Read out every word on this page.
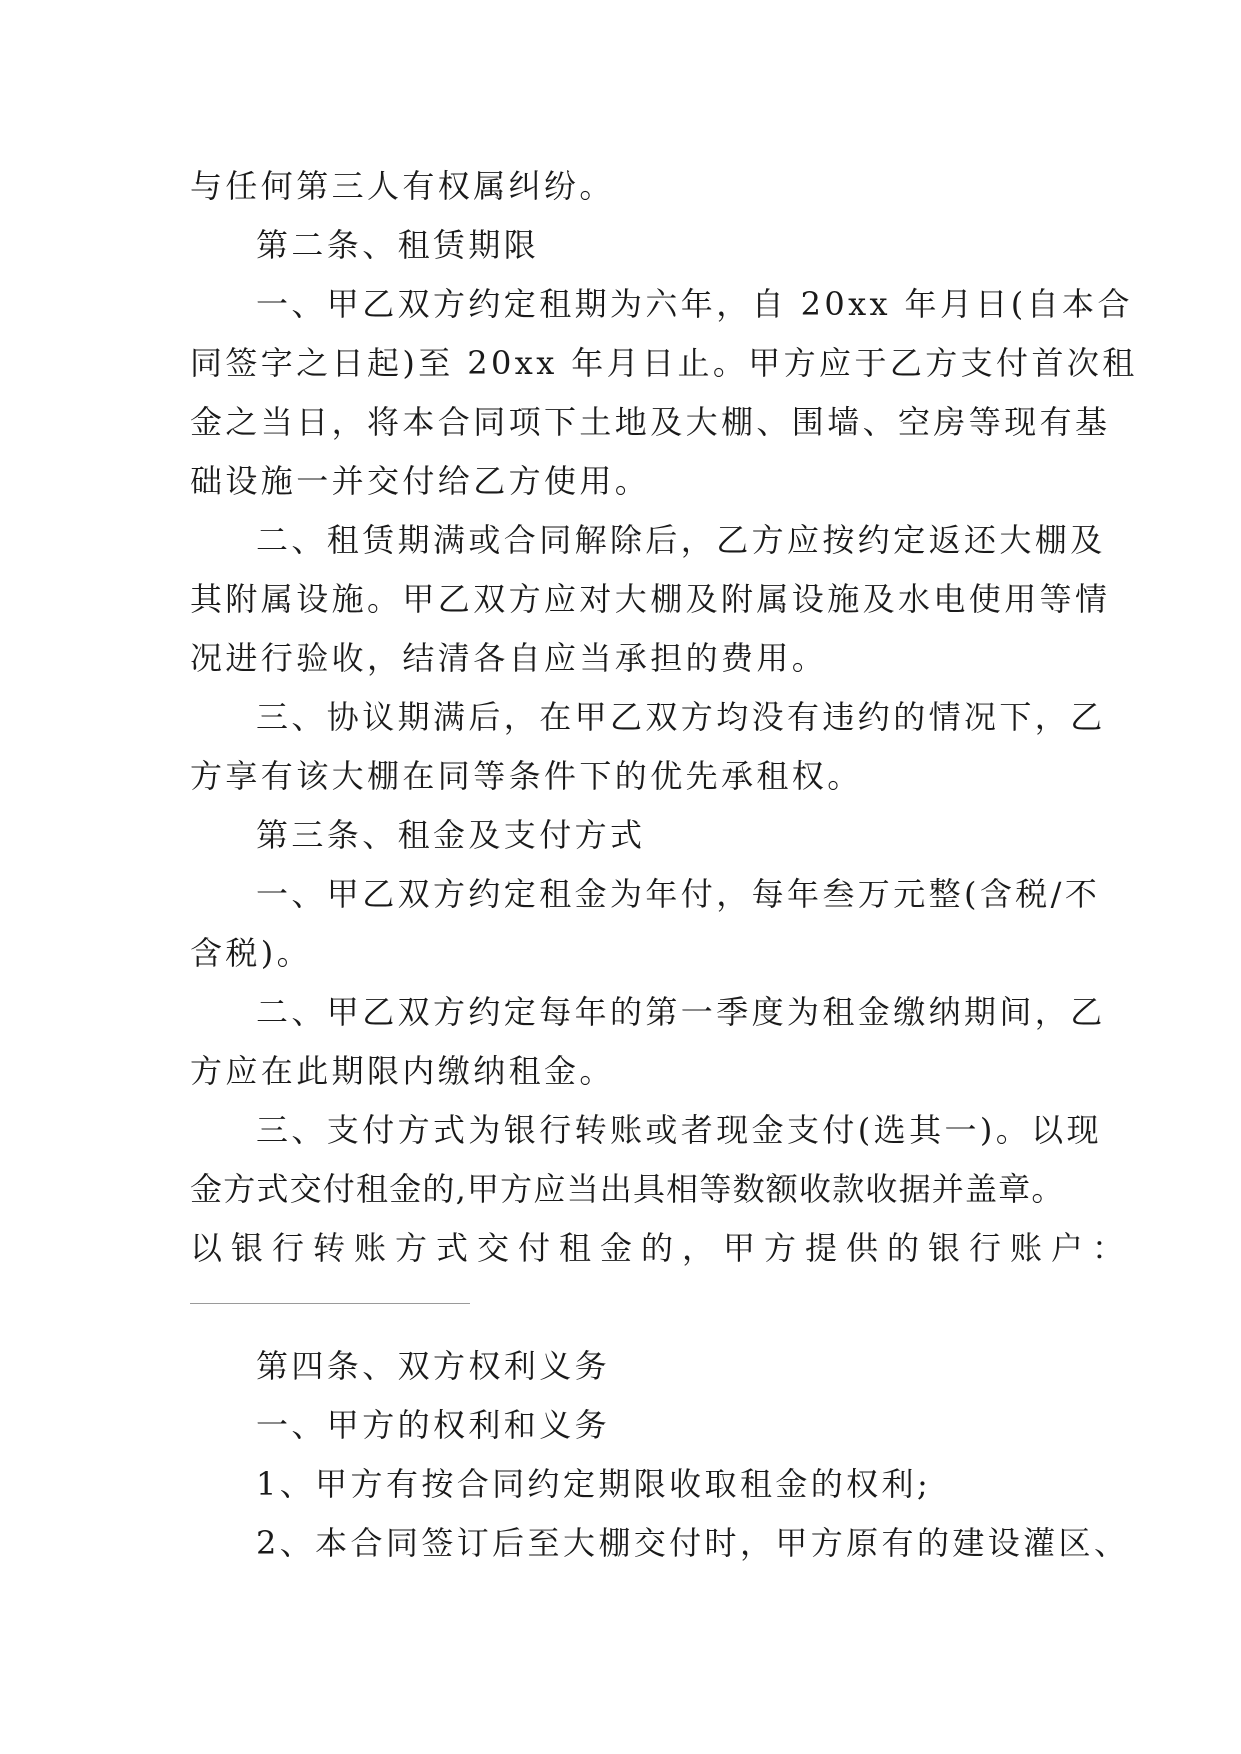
与任何第三人有权属纠纷。
第二条、租赁期限
一、甲乙双方约定租期为六年，自 20xx 年月日(自本合
同签字之日起)至 20xx 年月日止。甲方应于乙方支付首次租
金之当日，将本合同项下土地及大棚、围墙、空房等现有基
础设施一并交付给乙方使用。
二、租赁期满或合同解除后，乙方应按约定返还大棚及
其附属设施。甲乙双方应对大棚及附属设施及水电使用等情
况进行验收，结清各自应当承担的费用。
三、协议期满后，在甲乙双方均没有违约的情况下，乙
方享有该大棚在同等条件下的优先承租权。
第三条、租金及支付方式
一、甲乙双方约定租金为年付，每年叁万元整(含税/不
含税)。
二、甲乙双方约定每年的第一季度为租金缴纳期间，乙
方应在此期限内缴纳租金。
三、支付方式为银行转账或者现金支付(选其一)。以现
金方式交付租金的,甲方应当出具相等数额收款收据并盖章。
以银行转账方式交付租金的，甲方提供的银行账户：
第四条、双方权利义务
一、甲方的权利和义务
1、甲方有按合同约定期限收取租金的权利;
2、本合同签订后至大棚交付时，甲方原有的建设灌区、
